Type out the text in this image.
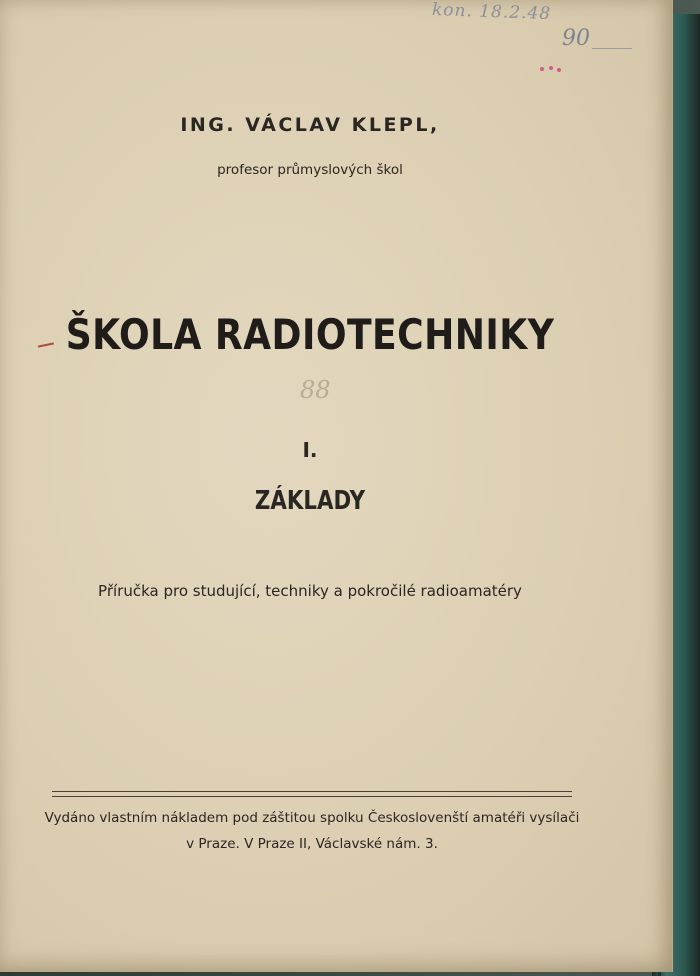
kon. 18.2.48
90
ING. VÁCLAV KLEPL,
profesor průmyslových škol
ŠKOLA RADIOTECHNIKY
88
I.
ZÁKLADY
Příručka pro studující, techniky a pokročilé radioamatéry
Vydáno vlastním nákladem pod záštitou spolku Českoslovenští amatéři vysílači
v Praze. V Praze II, Václavské nám. 3.
